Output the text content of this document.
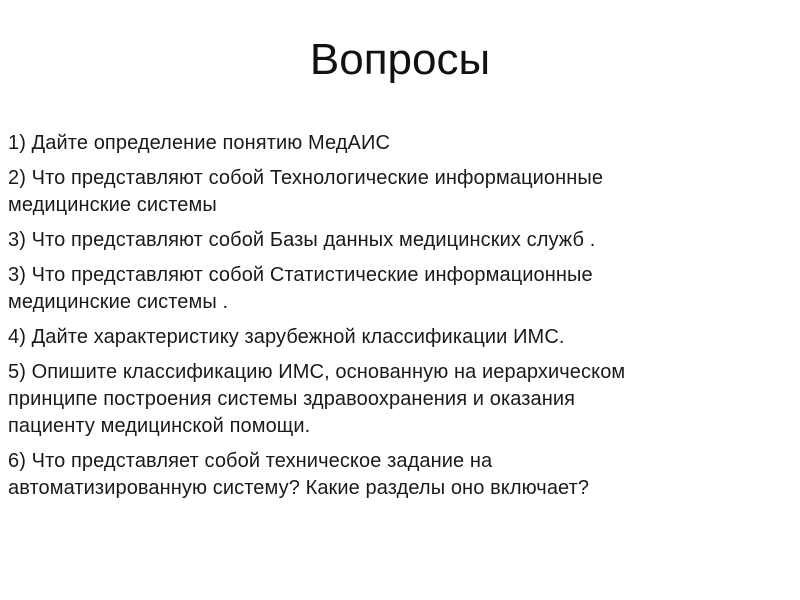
Вопросы
1) Дайте определение понятию МедАИС
2) Что представляют собой Технологические информационные
медицинские системы
3) Что представляют собой Базы данных медицинских служб .
3) Что представляют собой Статистические информационные
медицинские системы .
4) Дайте характеристику зарубежной классификации ИМС.
5) Опишите классификацию ИМС, основанную на иерархическом
принципе построения системы здравоохранения и оказания
пациенту медицинской помощи.
6) Что представляет собой техническое задание на
автоматизированную систему? Какие разделы оно включает?
